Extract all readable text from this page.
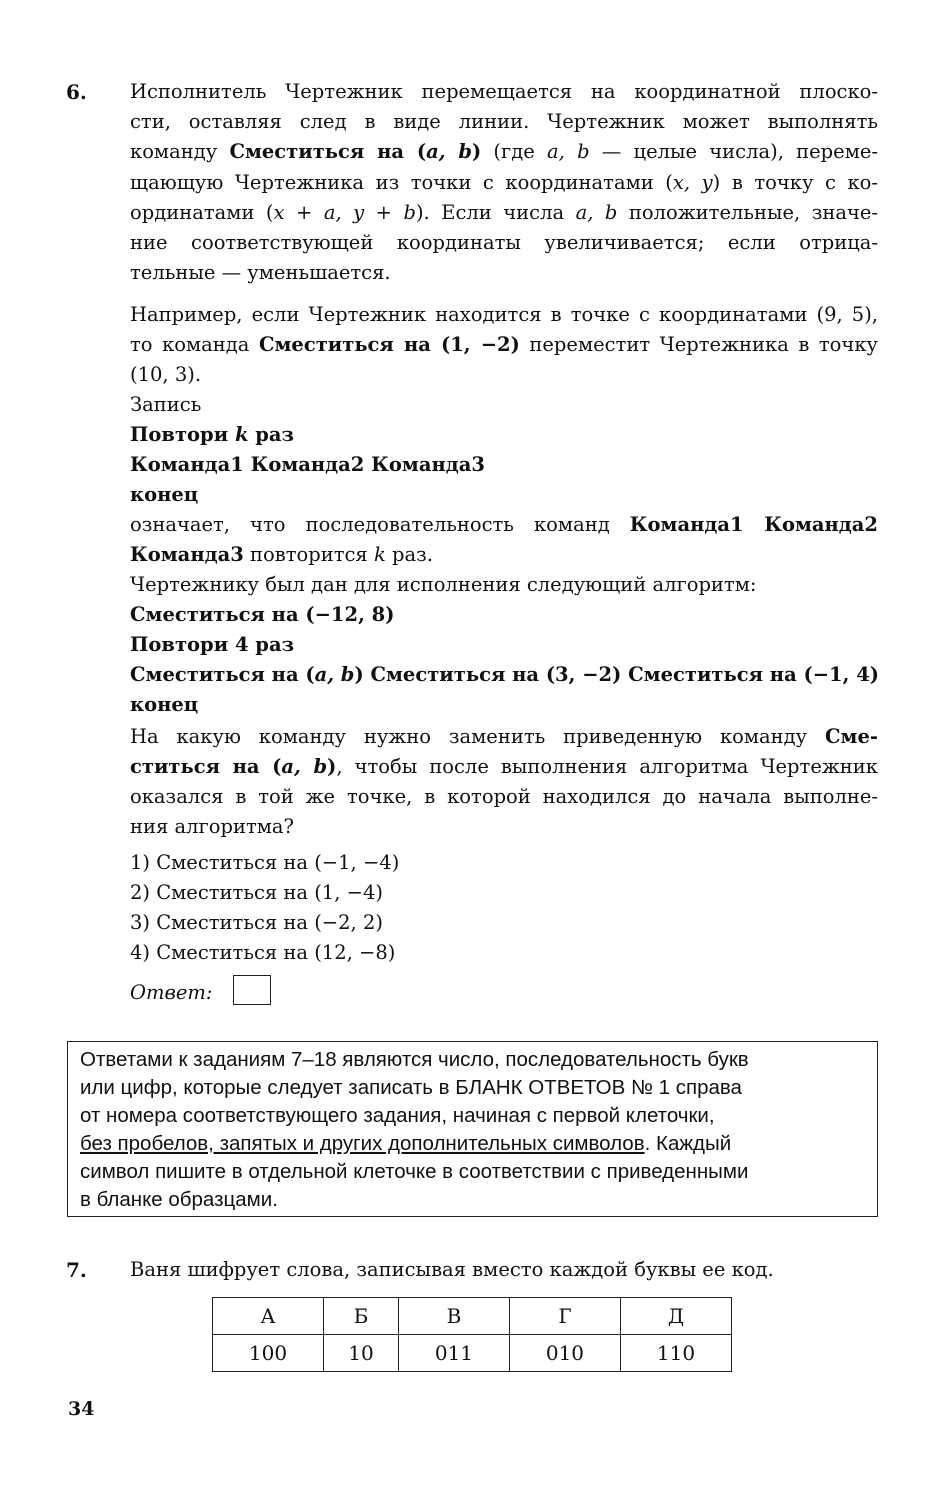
6. Исполнитель Чертежник перемещается на координатной плоско-
сти, оставляя след в виде линии. Чертежник может выполнять
команду Сместиться на (a, b) (где a, b — целые числа), переме-
щающую Чертежника из точки с координатами (x, y) в точку с ко-
ординатами (x + a, y + b). Если числа a, b положительные, значе-
ние соответствующей координаты увеличивается; если отрица-
тельные — уменьшается.
Например, если Чертежник находится в точке с координатами (9, 5),
то команда Сместиться на (1, −2) переместит Чертежника в точку
(10, 3).
Запись
Повтори k раз
Команда1 Команда2 Команда3
конец
означает, что последовательность команд Команда1 Команда2
Команда3 повторится k раз.
Чертежнику был дан для исполнения следующий алгоритм:
Сместиться на (−12, 8)
Повтори 4 раз
Сместиться на (a, b) Сместиться на (3, −2) Сместиться на (−1, 4)
конец
На какую команду нужно заменить приведенную команду Сме-
ститься на (a, b), чтобы после выполнения алгоритма Чертежник
оказался в той же точке, в которой находился до начала выполне-
ния алгоритма?
1) Сместиться на (−1, −4)
2) Сместиться на (1, −4)
3) Сместиться на (−2, 2)
4) Сместиться на (12, −8)
Ответ:
Ответами к заданиям 7–18 являются число, последовательность букв
или цифр, которые следует записать в БЛАНК ОТВЕТОВ № 1 справа
от номера соответствующего задания, начиная с первой клеточки,
без пробелов, запятых и других дополнительных символов. Каждый
символ пишите в отдельной клеточке в соответствии с приведенными
в бланке образцами.
7. Ваня шифрует слова, записывая вместо каждой буквы ее код.
А	Б	В	Г	Д
100	10	011	010	110
34
